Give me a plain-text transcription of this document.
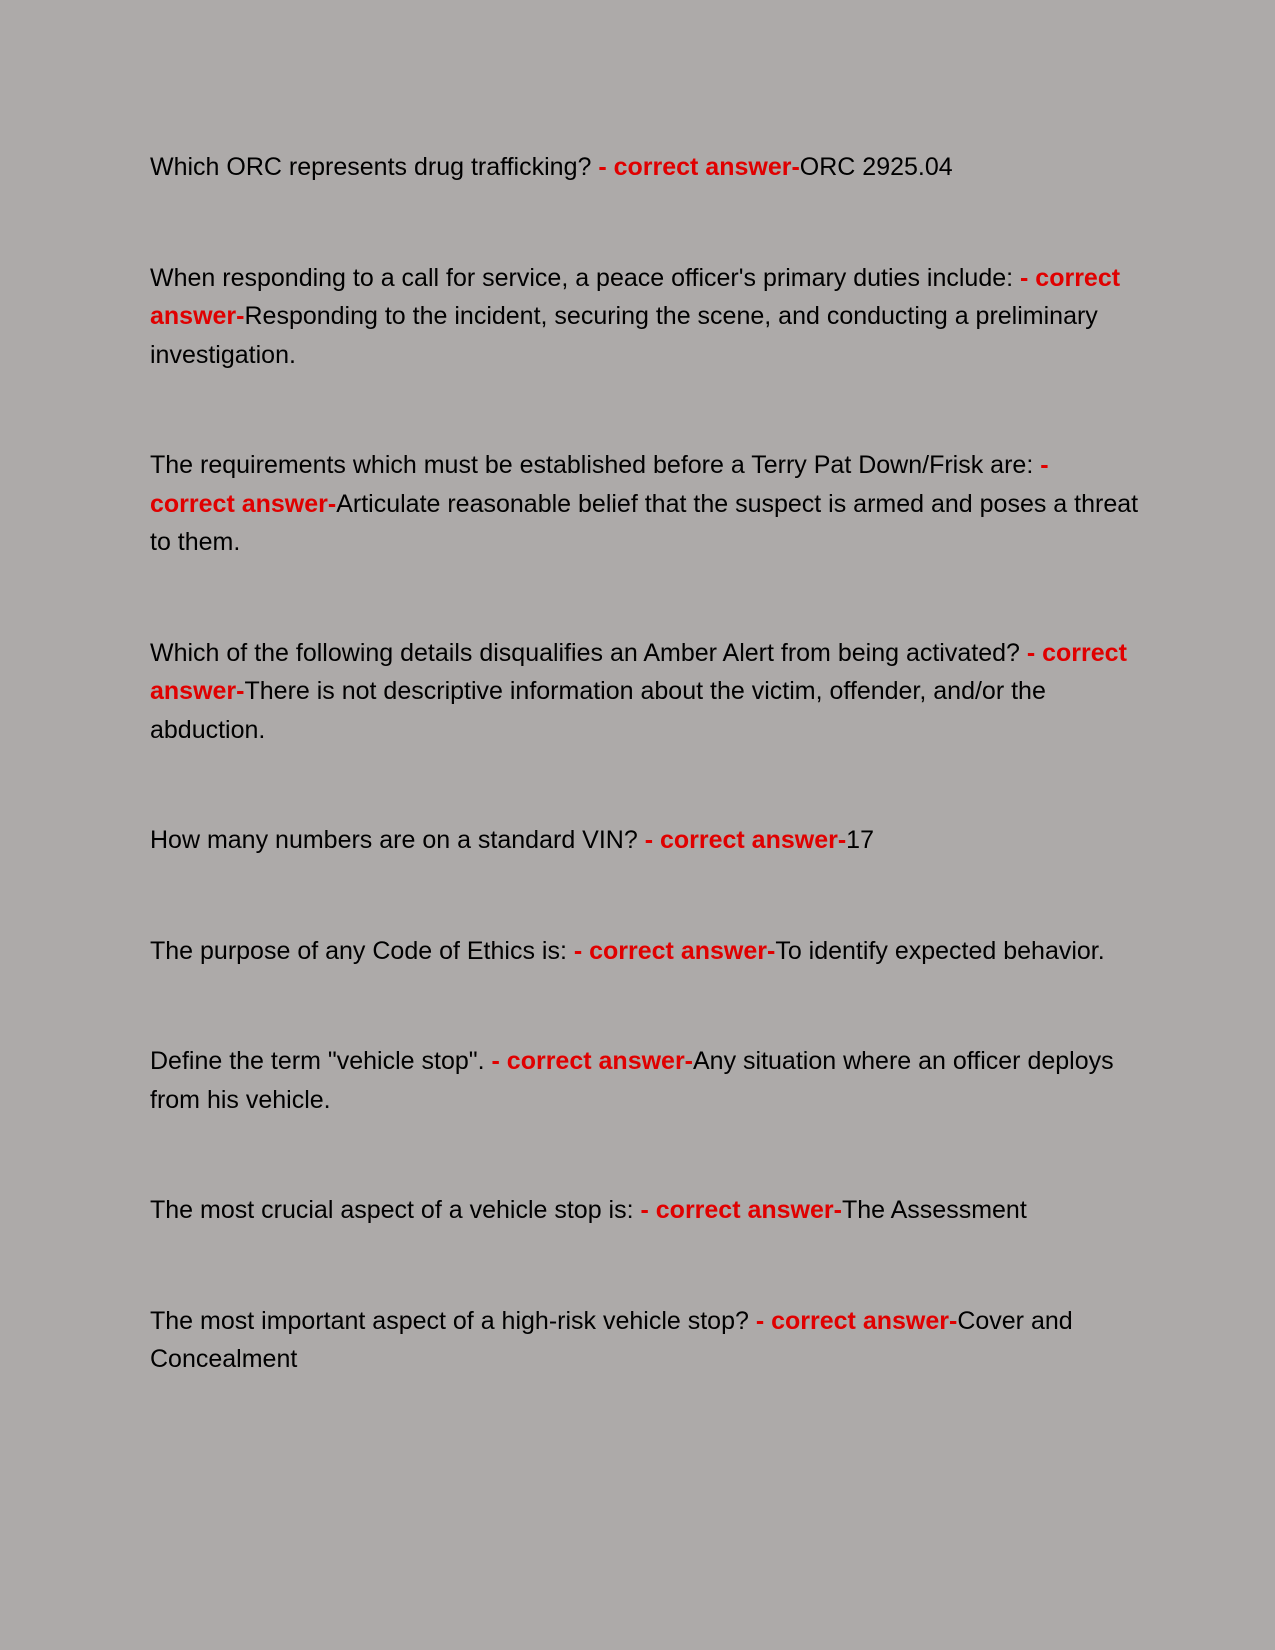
Which ORC represents drug trafficking? - correct answer-ORC 2925.04

When responding to a call for service, a peace officer's primary duties include: - correct answer-Responding to the incident, securing the scene, and conducting a preliminary investigation.

The requirements which must be established before a Terry Pat Down/Frisk are: - correct answer-Articulate reasonable belief that the suspect is armed and poses a threat to them.

Which of the following details disqualifies an Amber Alert from being activated? - correct answer-There is not descriptive information about the victim, offender, and/or the abduction.

How many numbers are on a standard VIN? - correct answer-17

The purpose of any Code of Ethics is: - correct answer-To identify expected behavior.

Define the term "vehicle stop". - correct answer-Any situation where an officer deploys from his vehicle.

The most crucial aspect of a vehicle stop is: - correct answer-The Assessment

The most important aspect of a high-risk vehicle stop? - correct answer-Cover and Concealment
